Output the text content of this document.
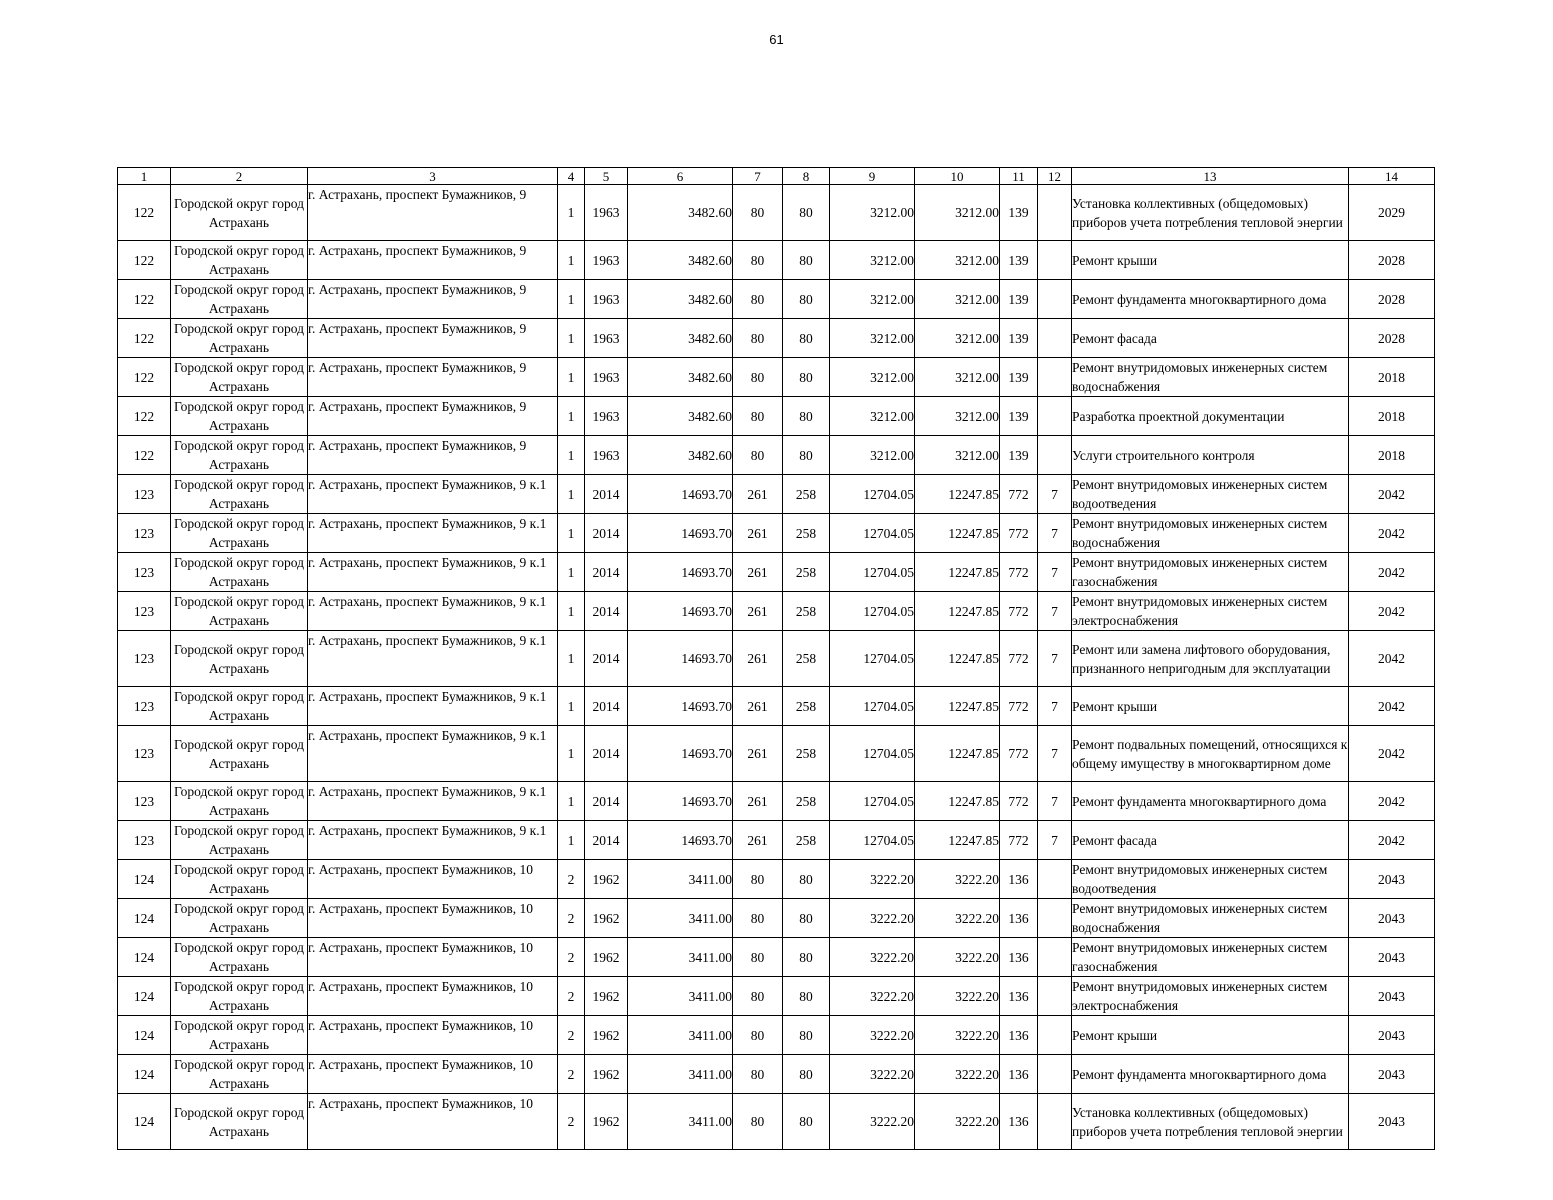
61
1	2	3	4	5	6	7	8	9	10	11	12	13	14
122	Городской округ город Астрахань	г. Астрахань, проспект Бумажников, 9	1	1963	3482.60	80	80	3212.00	3212.00	139		Установка коллективных (общедомовых) приборов учета потребления тепловой энергии	2029
122	Городской округ город Астрахань	г. Астрахань, проспект Бумажников, 9	1	1963	3482.60	80	80	3212.00	3212.00	139		Ремонт крыши	2028
122	Городской округ город Астрахань	г. Астрахань, проспект Бумажников, 9	1	1963	3482.60	80	80	3212.00	3212.00	139		Ремонт фундамента многоквартирного дома	2028
122	Городской округ город Астрахань	г. Астрахань, проспект Бумажников, 9	1	1963	3482.60	80	80	3212.00	3212.00	139		Ремонт фасада	2028
122	Городской округ город Астрахань	г. Астрахань, проспект Бумажников, 9	1	1963	3482.60	80	80	3212.00	3212.00	139		Ремонт внутридомовых инженерных систем водоснабжения	2018
122	Городской округ город Астрахань	г. Астрахань, проспект Бумажников, 9	1	1963	3482.60	80	80	3212.00	3212.00	139		Разработка проектной документации	2018
122	Городской округ город Астрахань	г. Астрахань, проспект Бумажников, 9	1	1963	3482.60	80	80	3212.00	3212.00	139		Услуги строительного контроля	2018
123	Городской округ город Астрахань	г. Астрахань, проспект Бумажников, 9 к.1	1	2014	14693.70	261	258	12704.05	12247.85	772	7	Ремонт внутридомовых инженерных систем водоотведения	2042
123	Городской округ город Астрахань	г. Астрахань, проспект Бумажников, 9 к.1	1	2014	14693.70	261	258	12704.05	12247.85	772	7	Ремонт внутридомовых инженерных систем водоснабжения	2042
123	Городской округ город Астрахань	г. Астрахань, проспект Бумажников, 9 к.1	1	2014	14693.70	261	258	12704.05	12247.85	772	7	Ремонт внутридомовых инженерных систем газоснабжения	2042
123	Городской округ город Астрахань	г. Астрахань, проспект Бумажников, 9 к.1	1	2014	14693.70	261	258	12704.05	12247.85	772	7	Ремонт внутридомовых инженерных систем электроснабжения	2042
123	Городской округ город Астрахань	г. Астрахань, проспект Бумажников, 9 к.1	1	2014	14693.70	261	258	12704.05	12247.85	772	7	Ремонт или замена лифтового оборудования, признанного непригодным для эксплуатации	2042
123	Городской округ город Астрахань	г. Астрахань, проспект Бумажников, 9 к.1	1	2014	14693.70	261	258	12704.05	12247.85	772	7	Ремонт крыши	2042
123	Городской округ город Астрахань	г. Астрахань, проспект Бумажников, 9 к.1	1	2014	14693.70	261	258	12704.05	12247.85	772	7	Ремонт подвальных помещений, относящихся к общему имуществу в многоквартирном доме	2042
123	Городской округ город Астрахань	г. Астрахань, проспект Бумажников, 9 к.1	1	2014	14693.70	261	258	12704.05	12247.85	772	7	Ремонт фундамента многоквартирного дома	2042
123	Городской округ город Астрахань	г. Астрахань, проспект Бумажников, 9 к.1	1	2014	14693.70	261	258	12704.05	12247.85	772	7	Ремонт фасада	2042
124	Городской округ город Астрахань	г. Астрахань, проспект Бумажников, 10	2	1962	3411.00	80	80	3222.20	3222.20	136		Ремонт внутридомовых инженерных систем водоотведения	2043
124	Городской округ город Астрахань	г. Астрахань, проспект Бумажников, 10	2	1962	3411.00	80	80	3222.20	3222.20	136		Ремонт внутридомовых инженерных систем водоснабжения	2043
124	Городской округ город Астрахань	г. Астрахань, проспект Бумажников, 10	2	1962	3411.00	80	80	3222.20	3222.20	136		Ремонт внутридомовых инженерных систем газоснабжения	2043
124	Городской округ город Астрахань	г. Астрахань, проспект Бумажников, 10	2	1962	3411.00	80	80	3222.20	3222.20	136		Ремонт внутридомовых инженерных систем электроснабжения	2043
124	Городской округ город Астрахань	г. Астрахань, проспект Бумажников, 10	2	1962	3411.00	80	80	3222.20	3222.20	136		Ремонт крыши	2043
124	Городской округ город Астрахань	г. Астрахань, проспект Бумажников, 10	2	1962	3411.00	80	80	3222.20	3222.20	136		Ремонт фундамента многоквартирного дома	2043
124	Городской округ город Астрахань	г. Астрахань, проспект Бумажников, 10	2	1962	3411.00	80	80	3222.20	3222.20	136		Установка коллективных (общедомовых) приборов учета потребления тепловой энергии	2043
